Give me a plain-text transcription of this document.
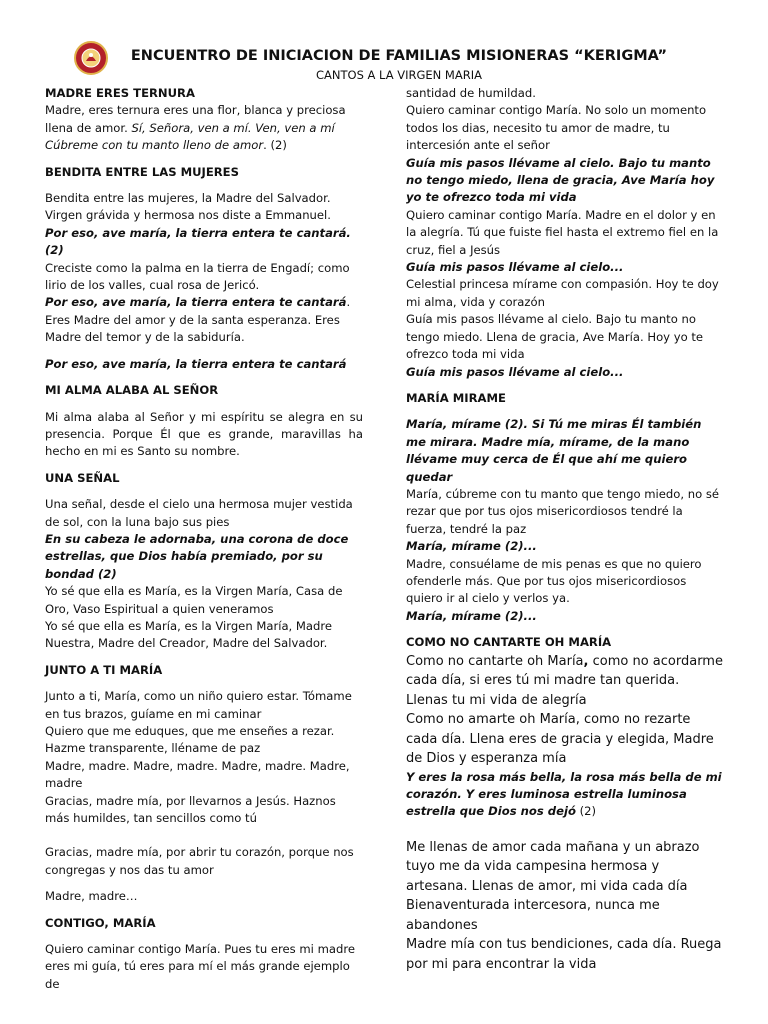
ENCUENTRO DE INICIACION DE FAMILIAS MISIONERAS “KERIGMA”
CANTOS A LA VIRGEN MARIA

MADRE ERES TERNURA

Madre, eres ternura eres una flor, blanca y preciosa

llena de amor. Sí, Señora, ven a mí. Ven, ven a mí

Cúbreme con tu manto lleno de amor. (2)

BENDITA ENTRE LAS MUJERES

Bendita entre las mujeres, la Madre del Salvador. Virgen grávida y hermosa nos diste a Emmanuel.

Por eso, ave maría, la tierra entera te cantará. (2)

Creciste como la palma en la tierra de Engadí; como lirio de los valles, cual rosa de Jericó.

Por eso, ave maría, la tierra entera te cantará.

Eres Madre del amor y de la santa esperanza. Eres Madre del temor y de la sabiduría.

Por eso, ave maría, la tierra entera te cantará

MI ALMA ALABA AL SEÑOR

Mi alma alaba al Señor y mi espíritu se alegra en su presencia. Porque Él que es grande, maravillas ha hecho en mi es Santo su nombre.

UNA SEÑAL

Una señal, desde el cielo una hermosa mujer vestida de sol, con la luna bajo sus pies

En su cabeza le adornaba, una corona de doce estrellas, que Dios había premiado, por su bondad (2)

Yo sé que ella es María, es la Virgen María, Casa de Oro, Vaso Espiritual a quien veneramos

Yo sé que ella es María, es la Virgen María, Madre Nuestra, Madre del Creador, Madre del Salvador.

JUNTO A TI MARÍA

Junto a ti, María, como un niño quiero estar. Tómame en tus brazos, guíame en mi caminar

Quiero que me eduques, que me enseñes a rezar.

Hazme transparente, lléname de paz

Madre, madre. Madre, madre. Madre, madre. Madre, madre

Gracias, madre mía, por llevarnos a Jesús. Haznos más humildes, tan sencillos como tú

Gracias, madre mía, por abrir tu corazón, porque nos congregas y nos das tu amor

Madre, madre…

CONTIGO, MARÍA

Quiero caminar contigo María. Pues tu eres mi madre eres mi guía, tú eres para mí el más grande ejemplo de

santidad de humildad.

Quiero caminar contigo María. No solo un momento todos los dias, necesito tu amor de madre, tu intercesión ante el señor

Guía mis pasos llévame al cielo. Bajo tu manto no tengo miedo, llena de gracia, Ave María hoy yo te ofrezco toda mi vida

Quiero caminar contigo María. Madre en el dolor y en la alegría. Tú que fuiste fiel hasta el extremo fiel en la cruz, fiel a Jesús

Guía mis pasos llévame al cielo...

Celestial princesa mírame con compasión. Hoy te doy mi alma, vida y corazón

Guía mis pasos llévame al cielo. Bajo tu manto no tengo miedo. Llena de gracia, Ave María. Hoy yo te ofrezco toda mi vida

Guía mis pasos llévame al cielo...

MARÍA MIRAME

María, mírame (2). Si Tú me miras Él también me mirara. Madre mía, mírame, de la mano llévame muy cerca de Él que ahí me quiero quedar

María, cúbreme con tu manto que tengo miedo, no sé rezar que por tus ojos misericordiosos tendré la fuerza, tendré la paz

María, mírame (2)...

Madre, consuélame de mis penas es que no quiero ofenderle más. Que por tus ojos misericordiosos quiero ir al cielo y verlos ya.

María, mírame (2)...

COMO NO CANTARTE OH MARÍA

Como no cantarte oh María, como no acordarme cada día, si eres tú mi madre tan querida. Llenas tu mi vida de alegría

Como no amarte oh María, como no rezarte cada día. Llena eres de gracia y elegida, Madre de Dios y esperanza mía

Y eres la rosa más bella, la rosa más bella de mi corazón. Y eres luminosa estrella luminosa estrella que Dios nos dejó (2)

Me llenas de amor cada mañana y un abrazo tuyo me da vida campesina hermosa y artesana. Llenas de amor, mi vida cada día

Bienaventurada intercesora, nunca me abandones

Madre mía con tus bendiciones, cada día. Ruega por mi para encontrar la vida
